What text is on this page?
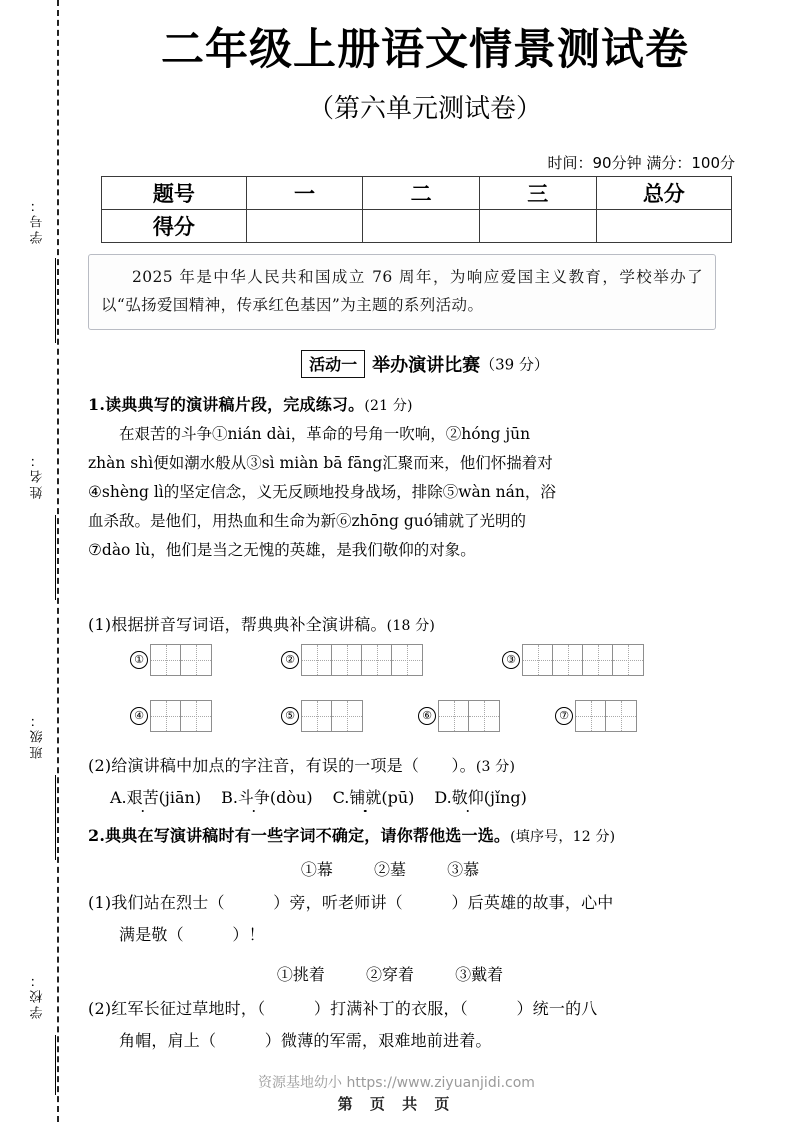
学号：
姓名：
班级：
学校：
二年级上册语文情景测试卷
（第六单元测试卷）
时间：90分钟 满分：100分
题号	一	二	三	总分
得分				

2025 年是中华人民共和国成立 76 周年，为响应爱国主义教育，学校举办了以“弘扬爱国精神，传承红色基因”为主题的系列活动。

活动一 举办演讲比赛（39 分）
1.读典典写的演讲稿片段，完成练习。(21 分)
　　在艰苦的斗争①nián dài，革命的号角一吹响，②hóng jūn
zhàn shì便如潮水般从③sì miàn bā fāng汇聚而来，他们怀揣着对
④shèng lì的坚定信念，义无反顾地投身战场，排除⑤wàn nán，浴
血杀敌。是他们，用热血和生命为新⑥zhōng guó铺就了光明的
⑦dào lù，他们是当之无愧的英雄，是我们敬仰的对象。
(1)根据拼音写词语，帮典典补全演讲稿。(18 分)
①	②	③
④	⑤	⑥	⑦
(2)给演讲稿中加点的字注音，有误的一项是（　　）。(3 分)
A.艰苦(jiān) B.斗争(dòu) C.铺就(pū) D.敬仰(jǐng)
2.典典在写演讲稿时有一些字词不确定，请你帮他选一选。(填序号，12 分)
①幕	②墓	③慕
(1)我们站在烈士（　　　）旁，听老师讲（　　　）后英雄的故事，心中
满是敬（　　　）！
①挑着	②穿着	③戴着
(2)红军长征过草地时，（　　　）打满补丁的衣服，（　　　）统一的八
角帽，肩上（　　　）微薄的军需，艰难地前进着。
资源基地幼小 https://www.ziyuanjidi.com
第 页 共 页
